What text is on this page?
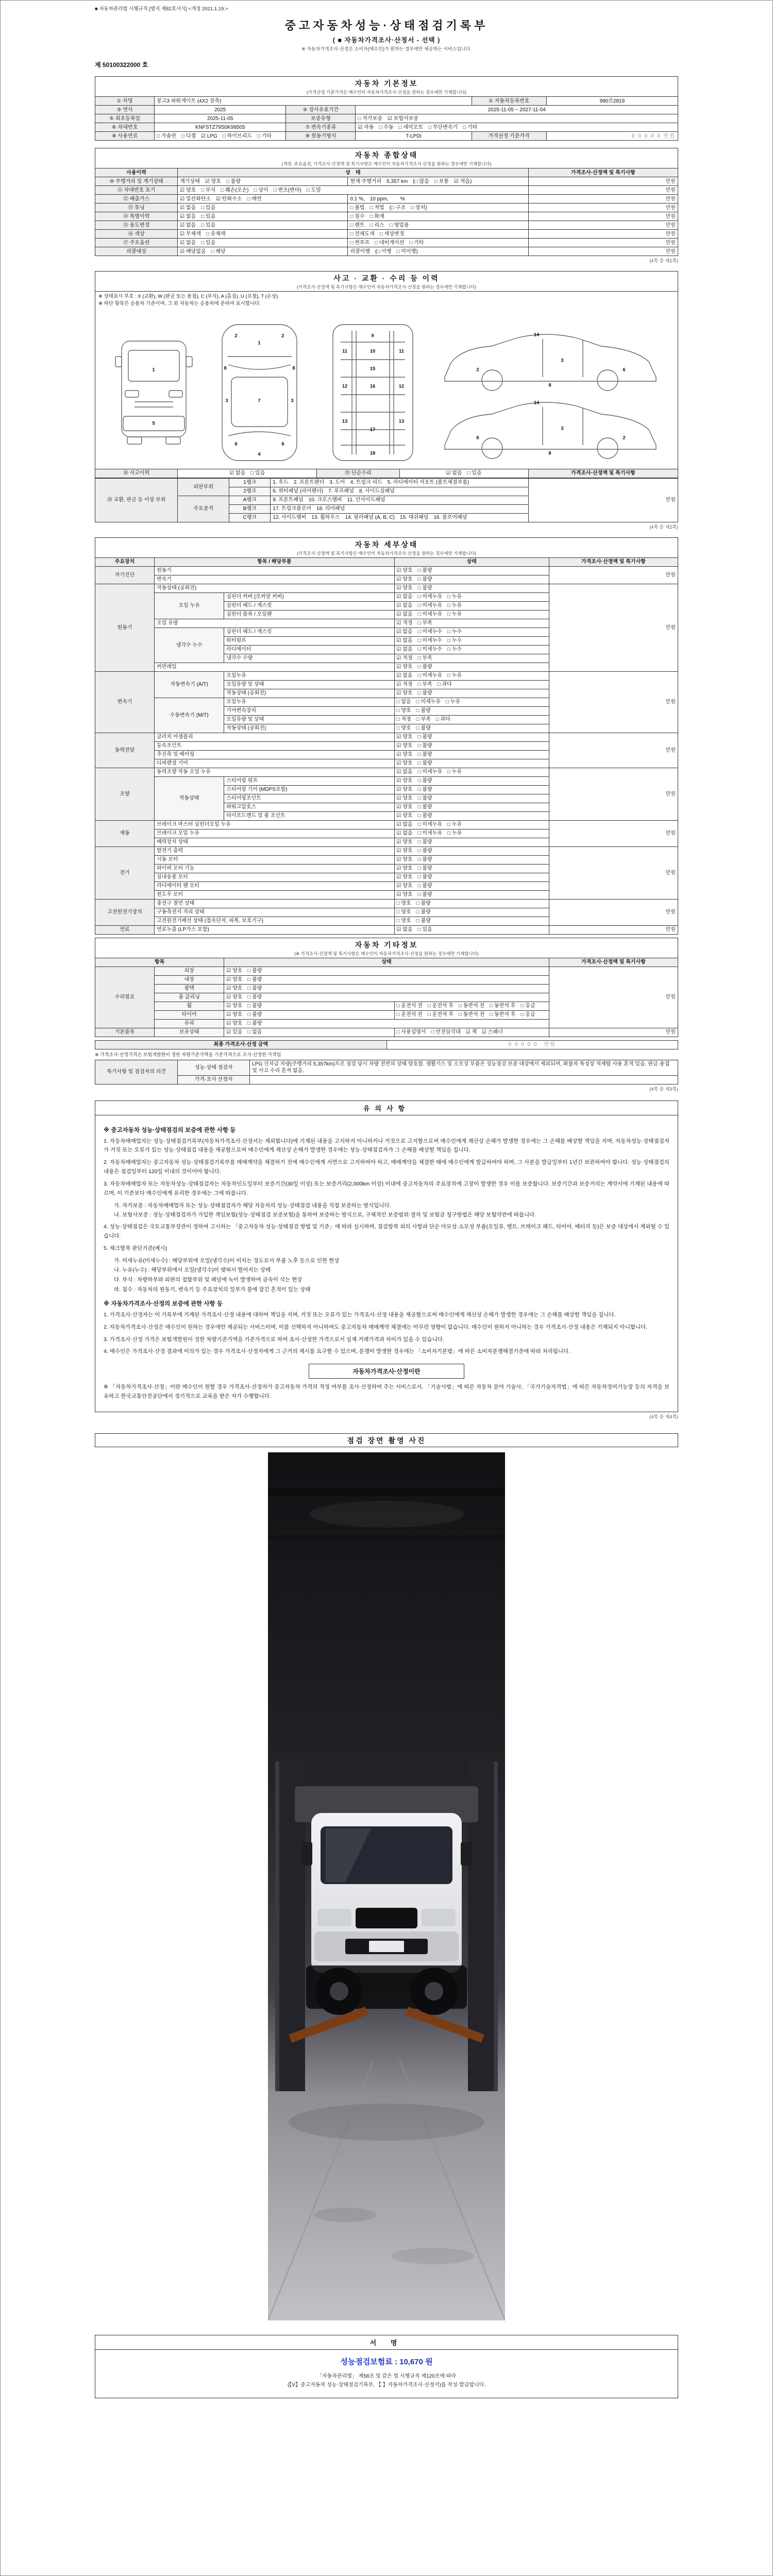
■ 자동차관리법 시행규칙 [별지 제82호서식] <개정 2021.1.19.>
중고자동차성능·상태점검기록부
( ■ 자동차가격조사·산정서 - 선택 )
※ 자동차가격조사·산정은 소비자(매수인)가 원하는 경우에만 제공하는 서비스입니다.
제 50100322000 호
자동차 기본정보
(가격산정 기준가격은 매수인이 자동차가격조사·산정을 원하는 경우에만 기재합니다)
① 차명	봉고3 파워게이트 (4X2 장축)			② 자동차등록번호	990로2819
③ 연식	2025	④ 검사유효기간	2025-11-05 ~ 2027-11-04		
⑤ 최초등록일	2025-11-05	보증유형	□ 자가보증　☑ 보험사보증		
⑥ 차대번호	KNFSTZ79S0K99505	⑦ 변속기종류	☑ 자동　□ 수동　□ 세미오토　□ 무단변속기　□ 기타		
⑧ 사용연료	□ 가솔린　□ 디젤　☑ LPG　□ 하이브리드　□ 기타	⑨ 원동기형식	T-LPDi	가격산정 기준가격	0 0 0 0 0 만원
자동차 종합상태
(색상, 주요옵션, 가격조사·산정액 및 특기사항은 매수인이 자동차가격조사·산정을 원하는 경우에만 기재합니다)
사용이력	상　태		가격조사·산정액 및 특기사항
⑩ 주행거리 및 계기상태	계기상태　☑ 양호　□ 불량	현재 주행거리　5,357 km　(□ 많음　□ 보통　☑ 적음)	만원
⑪ 차대번호 표기	☑ 양호　□ 부식　□ 훼손(오손)　□ 상이　□ 변조(변타)　□ 도말		만원
⑫ 배출가스	☑ 일산화탄소　☑ 탄화수소　□ 매연	0.1 %,　10 ppm,　　 %	만원
⑬ 튜닝	☑ 없음　□ 있음	□ 불법　□ 적법　(□ 구조　□ 장치)	만원
⑭ 특별이력	☑ 없음　□ 있음	□ 침수　□ 화재	만원
⑮ 용도변경	☑ 없음　□ 있음	□ 렌트　□ 리스　□ 영업용	만원
⑯ 색상	☑ 무채색　□ 유채색	□ 전체도색　□ 색상변경	만원
⑰ 주요옵션	☑ 없음　□ 있음	□ 썬루프　□ 네비게이션　□ 기타	만원
리콜대상	☑ 해당없음　□ 해당	리콜이행　(□ 이행　□ 미이행)	만원
(4쪽 중 제1쪽)
사고 · 교환 · 수리 등 이력
(가격조사·산정액 및 특기사항은 매수인이 자동차가격조사·산정을 원하는 경우에만 기재합니다)
※ 상태표시 부호 : X (교환), W (판금 또는 용접), C (부식), A (흠집), U (요철), T (손상)
※ 하단 항목은 승용차 기준이며, 그 외 자동차는 승용차에 준하여 표시합니다.
1
5
1
2	2
3	3
7
6	6
4
8	8
9
10
11	11
15
12	12
13	13
16
17
18
14
2
3
6
8
14
2
3
6
8
⑱ 사고이력	☑ 없음　□ 있음	⑲ 단순수리	☑ 없음　□ 있음	가격조사·산정액 및 특기사항
⑳ 교환, 판금 등 이상 부위	외판부위	1랭크	1. 후드　2. 프론트펜더　3. 도어　4. 트렁크 리드　5. 라디에이터 서포트 (볼트체결부품)	만원
		2랭크	6. 쿼터패널 (리어펜더)　7. 루프패널　8. 사이드실패널	
	주요골격	A랭크	9. 프론트패널　10. 크로스멤버　11. 인사이드패널	
		B랭크	17. 트렁크플로어　18. 리어패널	
		C랭크	12. 사이드멤버　13. 휠하우스　14. 필러패널 (A, B, C)　15. 대쉬패널　16. 플로어패널	
(4쪽 중 제2쪽)
자동차 세부상태
(가격조사·산정액 및 특기사항은 매수인이 자동차가격조사·산정을 원하는 경우에만 기재합니다)
주요장치	항목 / 해당부품		상태	가격조사·산정액 및 특기사항
자기진단	원동기		☑ 양호　□ 불량	만원
	변속기		☑ 양호　□ 불량	
원동기	작동상태 (공회전)		☑ 양호　□ 불량	만원
	오일 누유	실린더 커버 (로커암 커버)	☑ 없음　□ 미세누유　□ 누유	
		실린더 헤드 / 개스킷	☑ 없음　□ 미세누유　□ 누유	
		실린더 블록 / 오일팬	☑ 없음　□ 미세누유　□ 누유	
	오일 유량		☑ 적정　□ 부족	
	냉각수 누수	실린더 헤드 / 개스킷	☑ 없음　□ 미세누수　□ 누수	
		워터펌프	☑ 없음　□ 미세누수　□ 누수	
		라디에이터	☑ 없음　□ 미세누수　□ 누수	
		냉각수 수량	☑ 적정　□ 부족	
	커먼레일		☑ 양호　□ 불량	
변속기	자동변속기 (A/T)	오일누유	☑ 없음　□ 미세누유　□ 누유	만원
		오일유량 및 상태	☑ 적정　□ 부족　□ 과다	
		작동상태 (공회전)	☑ 양호　□ 불량	
	수동변속기 (M/T)	오일누유	□ 없음　□ 미세누유　□ 누유	
		기어변속장치	□ 양호　□ 불량	
		오일유량 및 상태	□ 적정　□ 부족　□ 과다	
		작동상태 (공회전)	□ 양호　□ 불량	
동력전달	클러치 어셈블리		☑ 양호　□ 불량	만원
	등속조인트		☑ 양호　□ 불량	
	추진축 및 베어링		☑ 양호　□ 불량	
	디퍼렌셜 기어		☑ 양호　□ 불량	
조향	동력조향 작동 오일 누유		☑ 없음　□ 미세누유　□ 누유	만원
	작동상태	스티어링 펌프	☑ 양호　□ 불량	
		스티어링 기어 (MDPS포함)	☑ 양호　□ 불량	
		스티어링조인트	☑ 양호　□ 불량	
		파워고압호스	☑ 양호　□ 불량	
		타이로드엔드 및 볼 조인트	☑ 양호　□ 불량	
제동	브레이크 마스터 실린더오일 누유		☑ 없음　□ 미세누유　□ 누유	만원
	브레이크 오일 누유		☑ 없음　□ 미세누유　□ 누유	
	배력장치 상태		☑ 양호　□ 불량	
전기	발전기 출력		☑ 양호　□ 불량	만원
	시동 모터		☑ 양호　□ 불량	
	와이퍼 모터 기능		☑ 양호　□ 불량	
	실내송풍 모터		☑ 양호　□ 불량	
	라디에이터 팬 모터		☑ 양호　□ 불량	
	윈도우 모터		☑ 양호　□ 불량	
고전원전기장치	충전구 절연 상태		□ 양호　□ 불량	만원
	구동축전지 격리 상태		□ 양호　□ 불량	
	고전원전기배선 상태 (접속단자, 피복, 보호기구)		□ 양호　□ 불량	
연료	연료누출 (LP가스 포함)		☑ 없음　□ 있음	만원
자동차 기타정보
(※ 가격조사·산정액 및 특기사항은 매수인이 자동차가격조사·산정을 원하는 경우에만 기재합니다)
항목		상태		가격조사·산정액 및 특기사항
수리필요	외장	☑ 양호　□ 불량		만원
	내장	☑ 양호　□ 불량		
	광택	☑ 양호　□ 불량		
	룸 클리닝	☑ 양호　□ 불량		
	휠	☑ 양호　□ 불량	□ 운전석 전　□ 운전석 후　□ 동반석 전　□ 동반석 후　□ 응급	
	타이어	☑ 양호　□ 불량	□ 운전석 전　□ 운전석 후　□ 동반석 전　□ 동반석 후　□ 응급	
	유리	☑ 양호　□ 불량		
기본품목	보유상태	☑ 있음　□ 없음	□ 사용설명서　□ 안전삼각대　☑ 잭　☑ 스패너	만원
최종 가격조사·산정 금액	0 0 0 0 0　만원
※ 가격조사·산정가격은 보험개발원이 정한 차량기준가액을 기준가격으로 조사·산정한 가격임
특기사항 및 점검자의 의견	성능·상태 점검자	LPG 신차급 차량(주행거리 5,357km)으로 점검 당시 차량 전반의 상태 양호함. 생활기스 및 소모성 부품은 성능점검 보증 대상에서 제외되며, 화물차 특성상 적재함 사용 흔적 있음. 판금·용접 및 사고 수리 흔적 없음.
	가격·조사 산정자	
(4쪽 중 제3쪽)
유의사항
※ 중고자동차 성능·상태점검의 보증에 관한 사항 등
1. 자동차매매업자는 성능·상태점검기록부(자동차가격조사·산정서는 제외합니다)에 기재된 내용을 고지하지 아니하거나 거짓으로 고지함으로써 매수인에게 재산상 손해가 발생한 경우에는 그 손해를 배상할 책임을 지며, 자동차성능·상태점검자가 거짓 또는 오류가 있는 성능·상태점검 내용을 제공함으로써 매수인에게 재산상 손해가 발생한 경우에는 성능·상태점검자가 그 손해를 배상할 책임을 집니다.
2. 자동차매매업자는 중고자동차 성능·상태점검기록부를 매매계약을 체결하기 전에 매수인에게 서면으로 고지하여야 하고, 매매계약을 체결한 때에 매수인에게 발급하여야 하며, 그 사본을 발급일부터 1년간 보관하여야 합니다. 성능·상태점검의 내용은 점검일부터 120일 이내의 것이어야 합니다.
3. 자동차매매업자 또는 자동차성능·상태점검자는 자동차인도일부터 보증기간(30일 이상) 또는 보증거리(2,000km 이상) 이내에 중고자동차의 주요장치에 고장이 발생한 경우 이를 보증합니다. 보증기간과 보증거리는 계약서에 기재된 내용에 따르며, 이 기준보다 매수인에게 유리한 경우에는 그에 따릅니다.
가. 자가보증 : 자동차매매업자 또는 성능·상태점검자가 해당 자동차의 성능·상태점검 내용을 직접 보증하는 방식입니다.
나. 보험사보증 : 성능·상태점검자가 가입한 책임보험(성능·상태점검 보증보험)을 통하여 보증하는 방식으로, 구체적인 보증범위·절차 및 보험금 청구방법은 해당 보험약관에 따릅니다.
4. 성능·상태점검은 국토교통부장관이 정하여 고시하는 「중고자동차 성능·상태점검 방법 및 기준」에 따라 실시하며, 점검항목 외의 사항과 단순 마모성·소모성 부품(오일류, 벨트, 브레이크 패드, 타이어, 배터리 등)은 보증 대상에서 제외될 수 있습니다.
5. 체크항목 판단기준(예시)
가. 미세누유(미세누수) : 해당부위에 오일(냉각수)이 비치는 정도로서 부품 노후 등으로 인한 현상
나. 누유(누수) : 해당부위에서 오일(냉각수)이 맺혀서 떨어지는 상태
다. 부식 : 차량하부와 외판의 접합부위 및 패널에 녹이 발생하여 금속이 삭는 현상
라. 침수 : 자동차의 원동기, 변속기 등 주요장치의 일부가 물에 잠긴 흔적이 있는 상태
※ 자동차가격조사·산정의 보증에 관한 사항 등
1. 가격조사·산정자는 이 기록부에 기재된 가격조사·산정 내용에 대하여 책임을 지며, 거짓 또는 오류가 있는 가격조사·산정 내용을 제공함으로써 매수인에게 재산상 손해가 발생한 경우에는 그 손해를 배상할 책임을 집니다.
2. 자동차가격조사·산정은 매수인이 원하는 경우에만 제공되는 서비스이며, 이를 선택하지 아니하여도 중고자동차 매매계약 체결에는 아무런 영향이 없습니다. 매수인이 원하지 아니하는 경우 가격조사·산정 내용은 기재되지 아니합니다.
3. 가격조사·산정 가격은 보험개발원이 정한 차량기준가액을 기준가격으로 하여 조사·산정한 가격으로서 실제 거래가격과 차이가 있을 수 있습니다.
4. 매수인은 가격조사·산정 결과에 이의가 있는 경우 가격조사·산정자에게 그 근거의 제시를 요구할 수 있으며, 분쟁이 발생한 경우에는 「소비자기본법」에 따른 소비자분쟁해결기준에 따라 처리됩니다.
자동차가격조사·산정이란
※ 「자동차가격조사·산정」이란 매수인이 원할 경우 가격조사·산정자가 중고자동차 가격의 적정 여부를 조사·산정하여 주는 서비스로서, 「기술사법」에 따른 자동차 분야 기술사, 「국가기술자격법」에 따른 자동차정비기능장 등의 자격을 보유하고 한국교통안전공단에서 정기적으로 교육을 받은 자가 수행합니다.
(4쪽 중 제4쪽)
점검 장면 촬영 사진
서 명
성능점검보험료 : 10,670 원
「자동차관리법」 제58조 및 같은 법 시행규칙 제120조에 따라
(【V】중고자동차 성능·상태점검기록부, 【 】자동차가격조사·산정서)를 작성·발급합니다.
